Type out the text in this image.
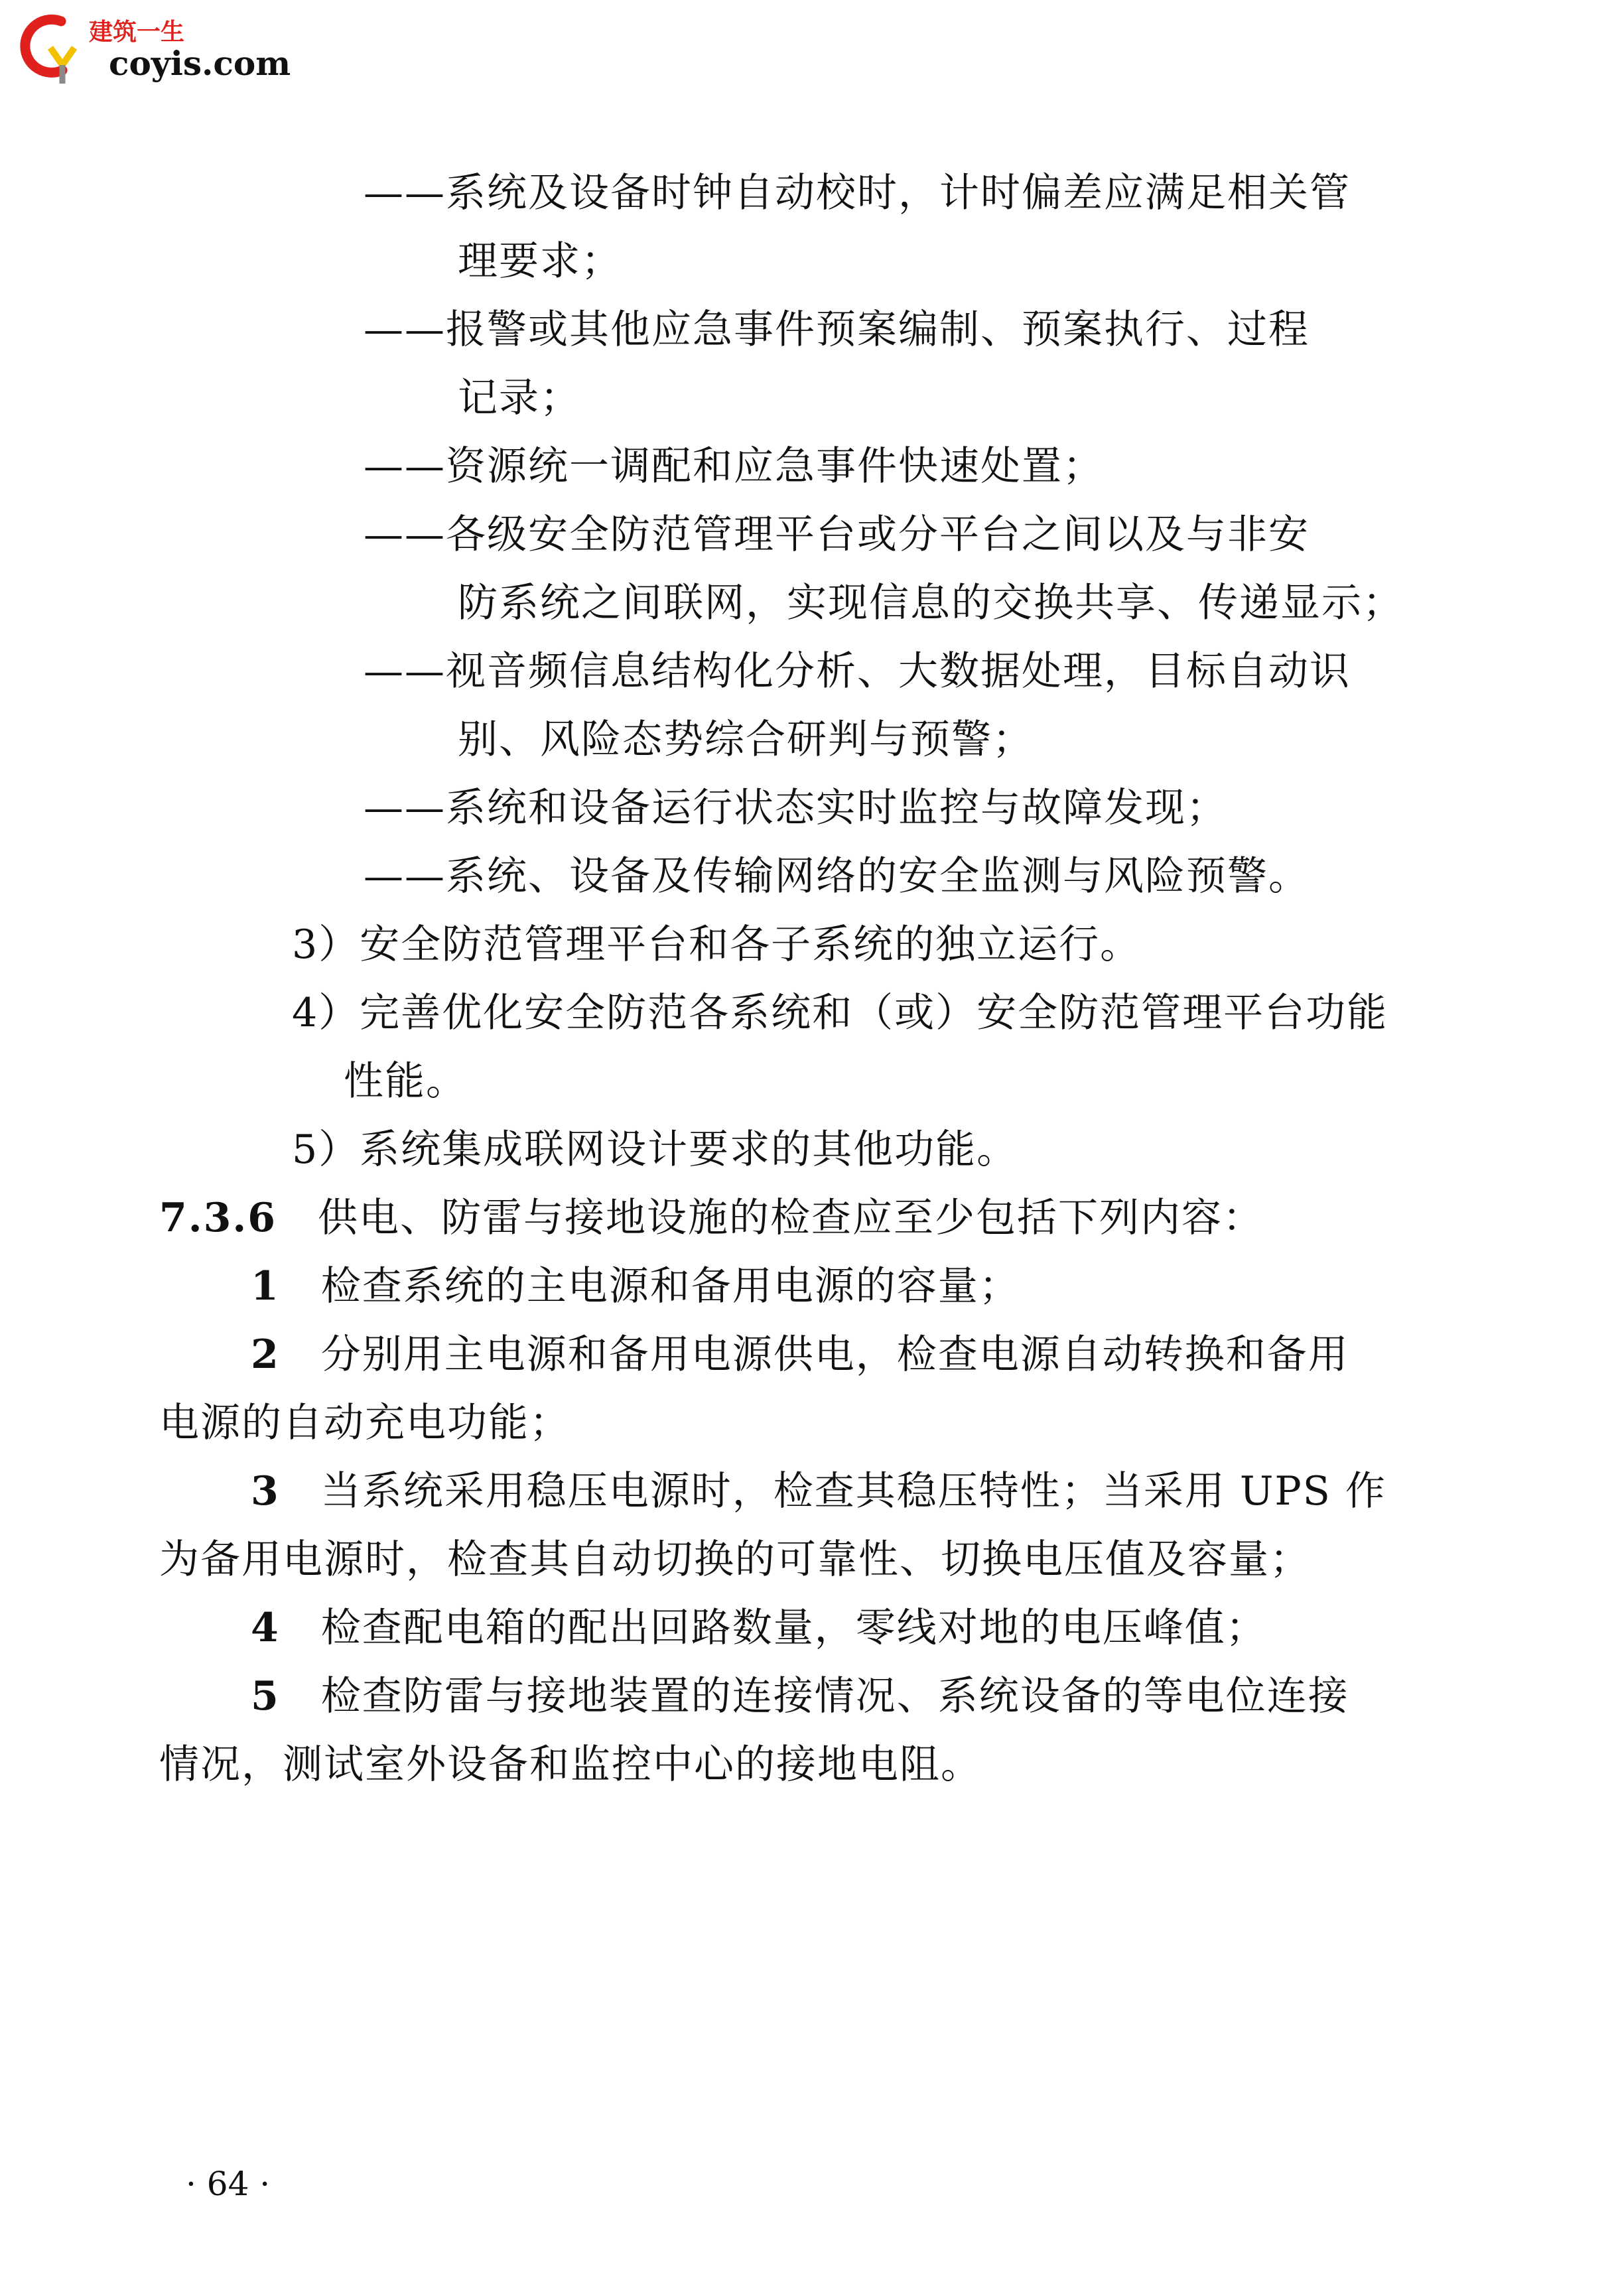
建筑一生
coyis.com
——系统及设备时钟自动校时，计时偏差应满足相关管
理要求；
——报警或其他应急事件预案编制、预案执行、过程
记录；
——资源统一调配和应急事件快速处置；
——各级安全防范管理平台或分平台之间以及与非安
防系统之间联网，实现信息的交换共享、传递显示；
——视音频信息结构化分析、大数据处理，目标自动识
别、风险态势综合研判与预警；
——系统和设备运行状态实时监控与故障发现；
——系统、设备及传输网络的安全监测与风险预警。
3）安全防范管理平台和各子系统的独立运行。
4）完善优化安全防范各系统和（或）安全防范管理平台功能
性能。
5）系统集成联网设计要求的其他功能。
7.3.6  供电、防雷与接地设施的检查应至少包括下列内容：
1  检查系统的主电源和备用电源的容量；
2  分别用主电源和备用电源供电，检查电源自动转换和备用
电源的自动充电功能；
3  当系统采用稳压电源时，检查其稳压特性；当采用 UPS 作
为备用电源时，检查其自动切换的可靠性、切换电压值及容量；
4  检查配电箱的配出回路数量，零线对地的电压峰值；
5  检查防雷与接地装置的连接情况、系统设备的等电位连接
情况，测试室外设备和监控中心的接地电阻。
· 64 ·
